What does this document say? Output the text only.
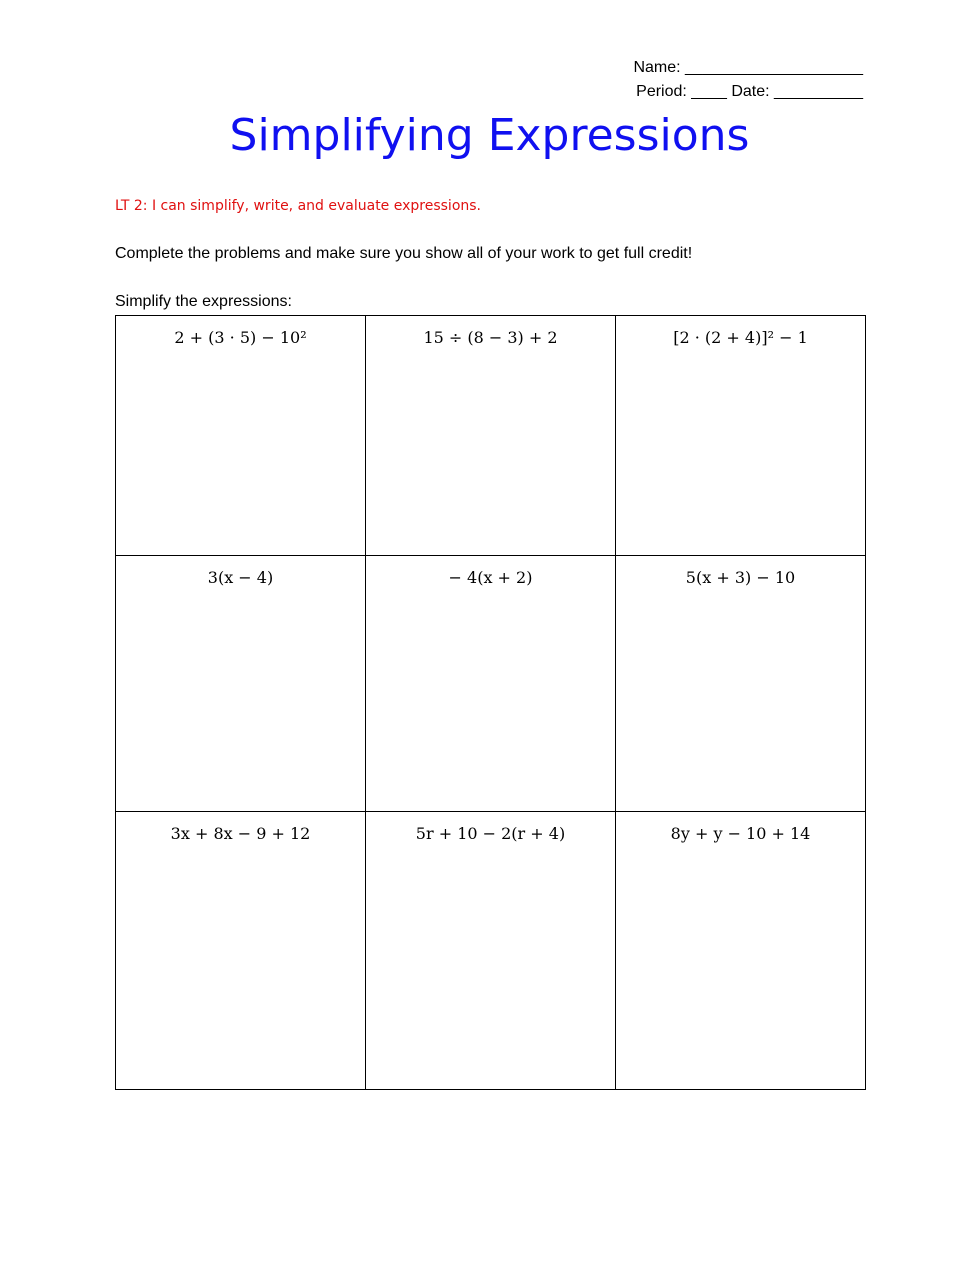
Name: ____________________
Period: ____ Date: __________
Simplifying Expressions
LT 2: I can simplify, write, and evaluate expressions.
Complete the problems and make sure you show all of your work to get full credit!
Simplify the expressions:
2 + (3 · 5) − 10²	15 ÷ (8 − 3) + 2	[2 · (2 + 4)]² − 1

3(x − 4)	− 4(x + 2)	5(x + 3) − 10

3x + 8x − 9 + 12	5r + 10 − 2(r + 4)	8y + y − 10 + 14
